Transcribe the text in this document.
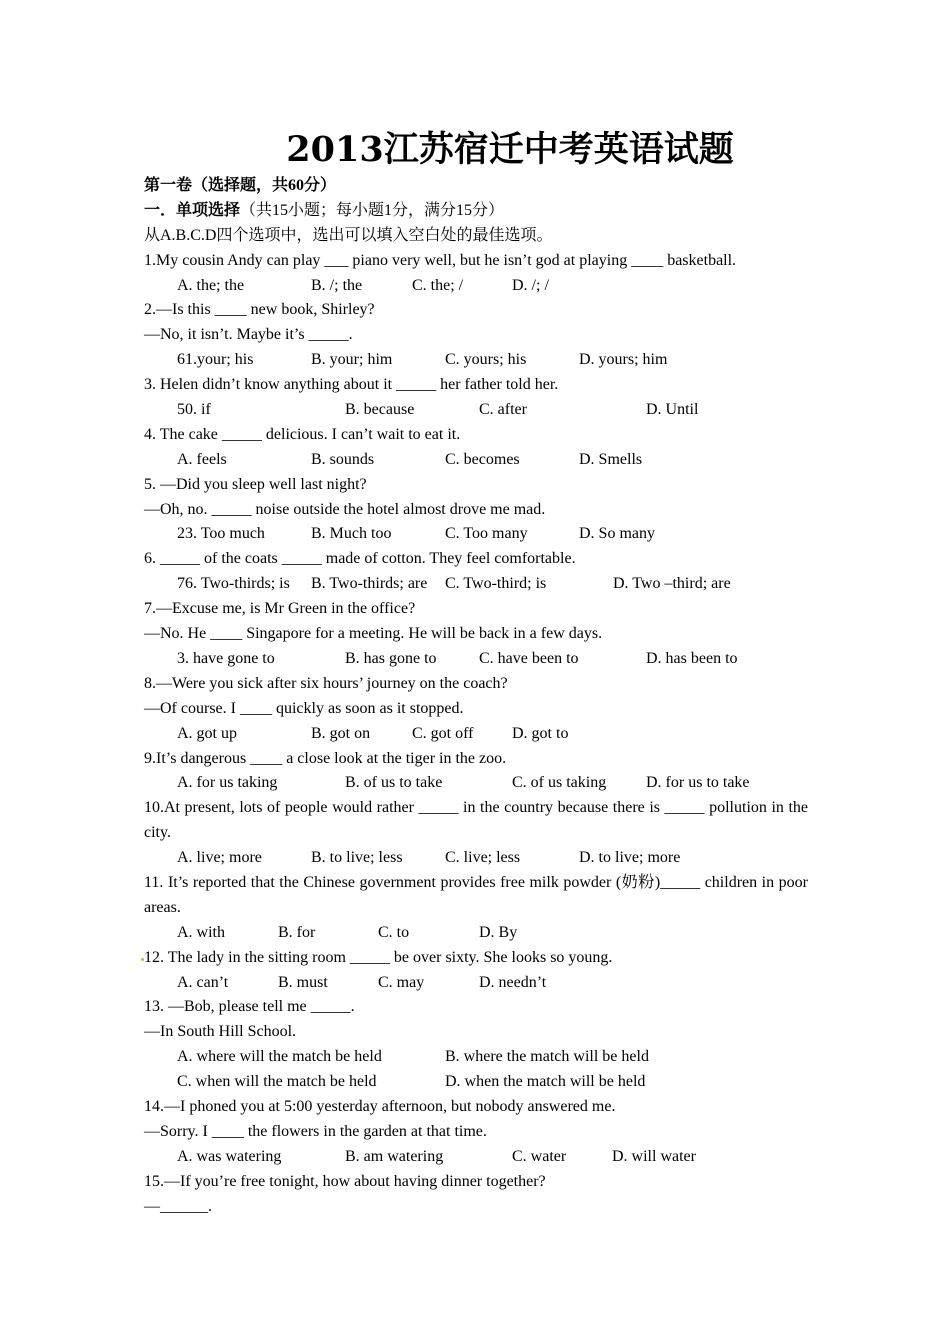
2013江苏宿迁中考英语试题
第一卷（选择题，共60分）
一．单项选择（共15小题；每小题1分，满分15分）
从A.B.C.D四个选项中，选出可以填入空白处的最佳选项。
1.My cousin Andy can play ___ piano very well, but he isn’t god at playing ____ basketball.
A. the; the	B. /; the	C. the; /	D. /; /
2.—Is this ____ new book, Shirley?
—No, it isn’t. Maybe it’s _____.
61.your; his	B. your; him	C. yours; his	D. yours; him
3. Helen didn’t know anything about it _____ her father told her.
50. if	B. because	C. after	D. Until
4. The cake _____ delicious. I can’t wait to eat it.
A. feels	B. sounds	C. becomes	D. Smells
5. —Did you sleep well last night?
—Oh, no. _____ noise outside the hotel almost drove me mad.
23. Too much	B. Much too	C. Too many	D. So many
6. _____ of the coats _____ made of cotton. They feel comfortable.
76. Two-thirds; is B. Two-thirds; are C. Two-third; is	D. Two –third; are
7.—Excuse me, is Mr Green in the office?
—No. He ____ Singapore for a meeting. He will be back in a few days.
3. have gone to	B. has gone to	C. have been to	D. has been to
8.—Were you sick after six hours’ journey on the coach?
—Of course. I ____ quickly as soon as it stopped.
A. got up	B. got on	C. got off D. got to
9.It’s dangerous ____ a close look at the tiger in the zoo.
A. for us taking	B. of us to take	C. of us taking D. for us to take
10.At present, lots of people would rather _____ in the country because there is _____ pollution in the city.
A. live; more	B. to live; less	C. live; less	D. to live; more
11. It’s reported that the Chinese government provides free milk powder (奶粉)_____ children in poor areas.
A. with	B. for	C. to	D. By
12. The lady in the sitting room _____ be over sixty. She looks so young.
A. can’t	B. must	C. may	D. needn’t
13. —Bob, please tell me _____.
—In South Hill School.
A. where will the match be held	B. where the match will be held
C. when will the match be held	D. when the match will be held
14.—I phoned you at 5:00 yesterday afternoon, but nobody answered me.
—Sorry. I ____ the flowers in the garden at that time.
A. was watering	B. am watering	C. water	D. will water
15.—If you’re free tonight, how about having dinner together?
—______.
